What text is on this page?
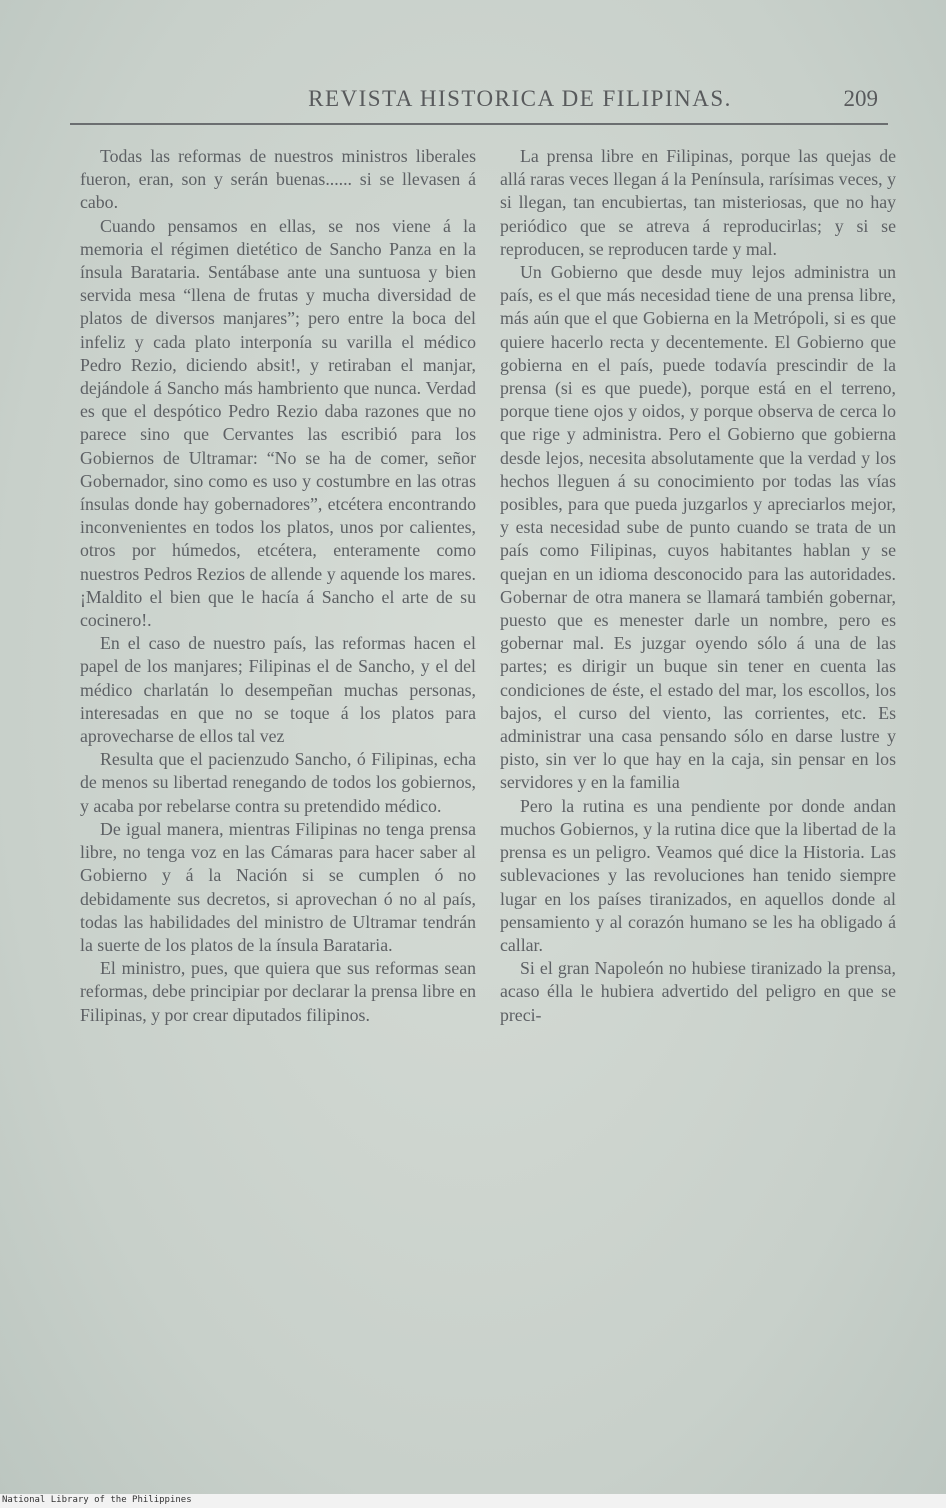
REVISTA HISTORICA DE FILIPINAS.	209

Todas las reformas de nuestros ministros liberales fueron, eran, son y serán buenas...... si se llevasen á cabo.

Cuando pensamos en ellas, se nos viene á la memoria el régimen dietético de Sancho Panza en la ínsula Barataria. Sentábase ante una suntuosa y bien servida mesa “llena de frutas y mucha diversidad de platos de diversos manjares”; pero entre la boca del infeliz y cada plato interponía su varilla el médico Pedro Rezio, diciendo absit!, y retiraban el manjar, dejándole á Sancho más hambriento que nunca. Verdad es que el despótico Pedro Rezio daba razones que no parece sino que Cervantes las escribió para los Gobiernos de Ultramar: “No se ha de comer, señor Gobernador, sino como es uso y costumbre en las otras ínsulas donde hay gobernadores”, etcétera encontrando inconvenientes en todos los platos, unos por calientes, otros por húmedos, etcétera, enteramente como nuestros Pedros Rezios de allende y aquende los mares. ¡Maldito el bien que le hacía á Sancho el arte de su cocinero!.

En el caso de nuestro país, las reformas hacen el papel de los manjares; Filipinas el de Sancho, y el del médico charlatán lo desempeñan muchas personas, interesadas en que no se toque á los platos para aprovecharse de ellos tal vez

Resulta que el pacienzudo Sancho, ó Filipinas, echa de menos su libertad renegando de todos los gobiernos, y acaba por rebelarse contra su pretendido médico.

De igual manera, mientras Filipinas no tenga prensa libre, no tenga voz en las Cámaras para hacer saber al Gobierno y á la Nación si se cumplen ó no debidamente sus decretos, si aprovechan ó no al país, todas las habilidades del ministro de Ultramar tendrán la suerte de los platos de la ínsula Barataria.

El ministro, pues, que quiera que sus reformas sean reformas, debe principiar por declarar la prensa libre en Filipinas, y por crear diputados filipinos.

La prensa libre en Filipinas, porque las quejas de allá raras veces llegan á la Península, rarísimas veces, y si llegan, tan encubiertas, tan misteriosas, que no hay periódico que se atreva á reproducirlas; y si se reproducen, se reproducen tarde y mal.

Un Gobierno que desde muy lejos administra un país, es el que más necesidad tiene de una prensa libre, más aún que el que Gobierna en la Metrópoli, si es que quiere hacerlo recta y decentemente. El Gobierno que gobierna en el país, puede todavía prescindir de la prensa (si es que puede), porque está en el terreno, porque tiene ojos y oidos, y porque observa de cerca lo que rige y administra. Pero el Gobierno que gobierna desde lejos, necesita absolutamente que la verdad y los hechos lleguen á su conocimiento por todas las vías posibles, para que pueda juzgarlos y apreciarlos mejor, y esta necesidad sube de punto cuando se trata de un país como Filipinas, cuyos habitantes hablan y se quejan en un idioma desconocido para las autoridades. Gobernar de otra manera se llamará también gobernar, puesto que es menester darle un nombre, pero es gobernar mal. Es juzgar oyendo sólo á una de las partes; es dirigir un buque sin tener en cuenta las condiciones de éste, el estado del mar, los escollos, los bajos, el curso del viento, las corrientes, etc. Es administrar una casa pensando sólo en darse lustre y pisto, sin ver lo que hay en la caja, sin pensar en los servidores y en la familia

Pero la rutina es una pendiente por donde andan muchos Gobiernos, y la rutina dice que la libertad de la prensa es un peligro. Veamos qué dice la Historia. Las sublevaciones y las revoluciones han tenido siempre lugar en los países tiranizados, en aquellos donde al pensamiento y al corazón humano se les ha obligado á callar.

Si el gran Napoleón no hubiese tiranizado la prensa, acaso élla le hubiera advertido del peligro en que se preci-

National Library of the Philippines
